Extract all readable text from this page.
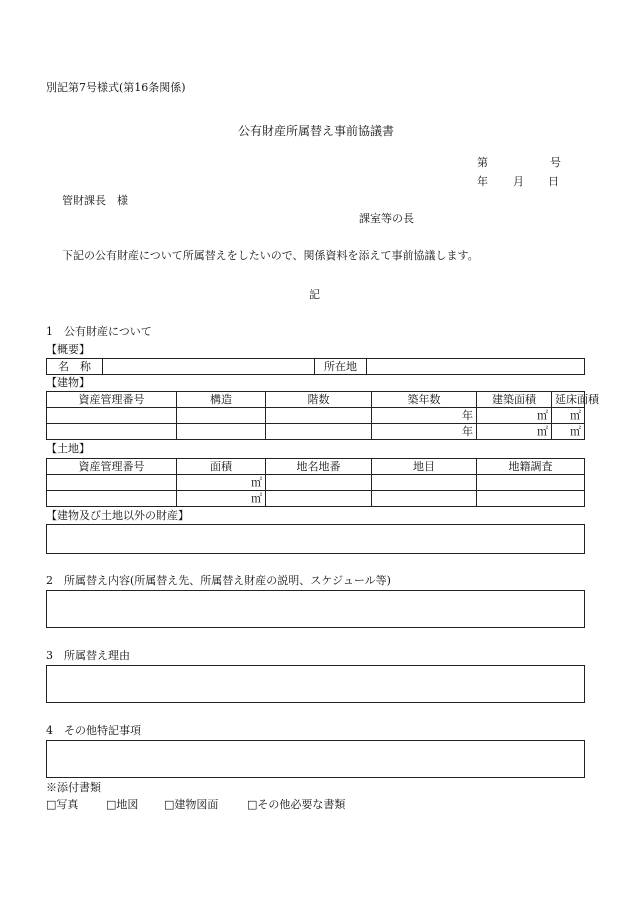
別記第7号様式(第16条関係)
公有財産所属替え事前協議書
第	号
年 月 日
管財課長　様
課室等の長
下記の公有財産について所属替えをしたいので、関係資料を添えて事前協議します。
記
1　公有財産について
【概要】
名　称		所在地	
【建物】
資産管理番号	構造	階数	築年数	建築面積	延床面積
			年	㎡	㎡
			年	㎡	㎡
【土地】
資産管理番号	面積	地名地番	地目	地籍調査
	㎡			
	㎡			
【建物及び土地以外の財産】
2　所属替え内容(所属替え先、所属替え財産の説明、スケジュール等)
3　所属替え理由
4　その他特記事項
※添付書類
□写真	□地図 □建物図面	□その他必要な書類
